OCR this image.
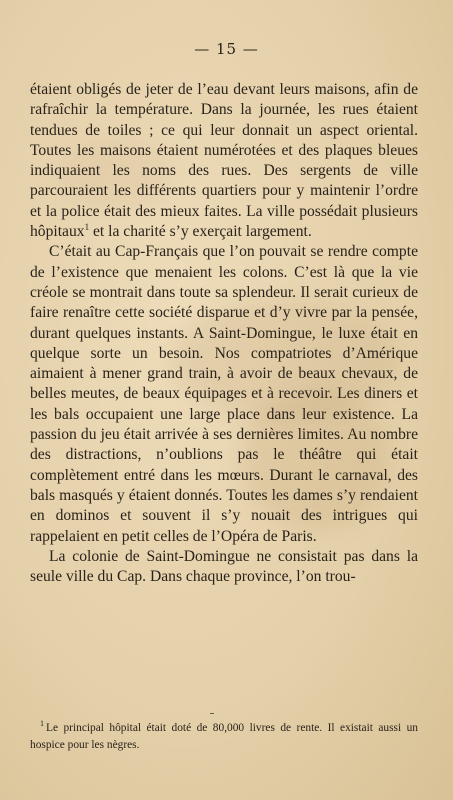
— 15 —

étaient obligés de jeter de l’eau devant leurs maisons, afin de rafraîchir la température. Dans la journée, les rues étaient tendues de toiles ; ce qui leur donnait un aspect oriental. Toutes les maisons étaient numérotées et des plaques bleues indiquaient les noms des rues. Des sergents de ville parcouraient les différents quartiers pour y maintenir l’ordre et la police était des mieux faites. La ville possédait plusieurs hôpitaux$^1$ et la charité s’y exerçait largement.

C’était au Cap-Français que l’on pouvait se rendre compte de l’existence que menaient les colons. C’est là que la vie créole se montrait dans toute sa splendeur. Il serait curieux de faire renaître cette société disparue et d’y vivre par la pensée, durant quelques instants. A Saint-Domingue, le luxe était en quelque sorte un besoin. Nos compatriotes d’Amérique aimaient à mener grand train, à avoir de beaux chevaux, de belles meutes, de beaux équipages et à recevoir. Les diners et les bals occupaient une large place dans leur existence. La passion du jeu était arrivée à ses dernières limites. Au nombre des distractions, n’oublions pas le théâtre qui était complètement entré dans les mœurs. Durant le carnaval, des bals masqués y étaient donnés. Toutes les dames s’y rendaient en dominos et souvent il s’y nouait des intrigues qui rappelaient en petit celles de l’Opéra de Paris.

La colonie de Saint-Domingue ne consistait pas dans la seule ville du Cap. Dans chaque province, l’on trou-

$^1$ Le principal hôpital était doté de 80,000 livres de rente. Il existait aussi un hospice pour les nègres.
